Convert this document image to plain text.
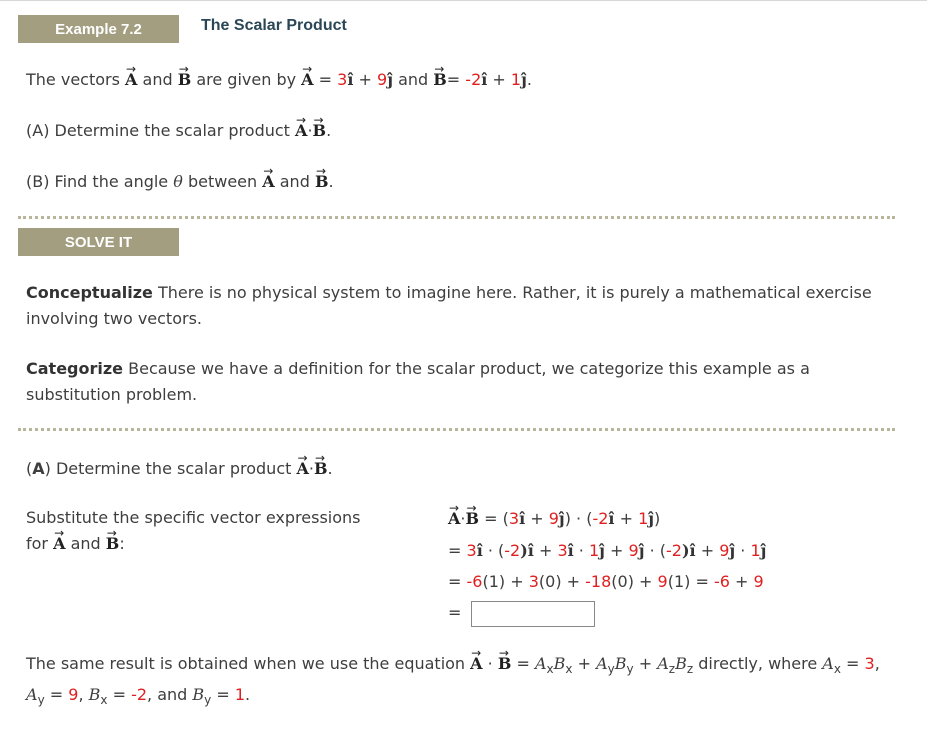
Example 7.2	The Scalar Product
The vectors → A and → B are given by → A = 3î + 9ĵ and → B= -2î + 1ĵ.
(A) Determine the scalar product → A·→ B.
(B) Find the angle θ between → A and → B.
SOLVE IT
Conceptualize There is no physical system to imagine here. Rather, it is purely a mathematical exercise involving two vectors.
Categorize Because we have a definition for the scalar product, we categorize this example as a substitution problem.
(A) Determine the scalar product → A·→ B.
Substitute the specific vector expressions
for → A and → B:
→ A·→ B = (3î + 9ĵ) · (-2î + 1ĵ)
= 3î · (-2)î + 3î · 1ĵ + 9ĵ · (-2)î + 9ĵ · 1ĵ
= -6(1) + 3(0) + -18(0) + 9(1) = -6 + 9
=
The same result is obtained when we use the equation → A · → $B = A_xB_x + A_yB_y + A_zB_z$ directly, where $A_x = 3$, $A_y = 9$, $B_x = -2$, and $B_y = 1$.
